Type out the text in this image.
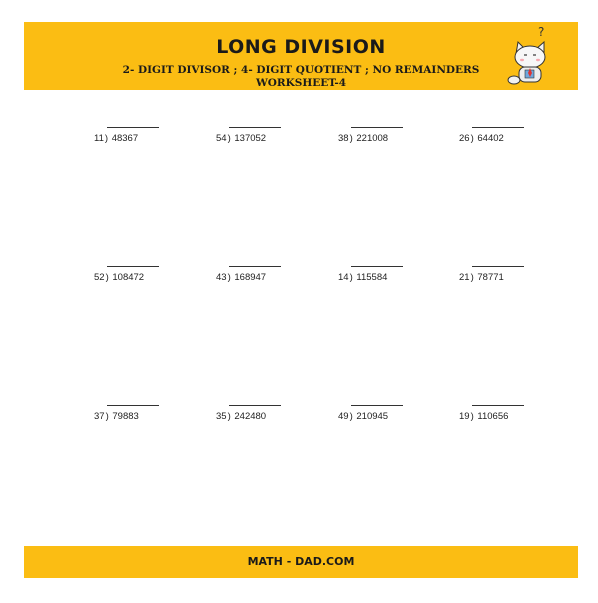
LONG DIVISION
2- DIGIT DIVISOR ; 4- DIGIT QUOTIENT ; NO REMAINDERS
WORKSHEET-4
?
11) 48367	54) 137052	38) 221008	26) 64402
52) 108472	43) 168947	14) 115584	21) 78771
37) 79883	35) 242480	49) 210945	19) 110656
MATH - DAD.COM
